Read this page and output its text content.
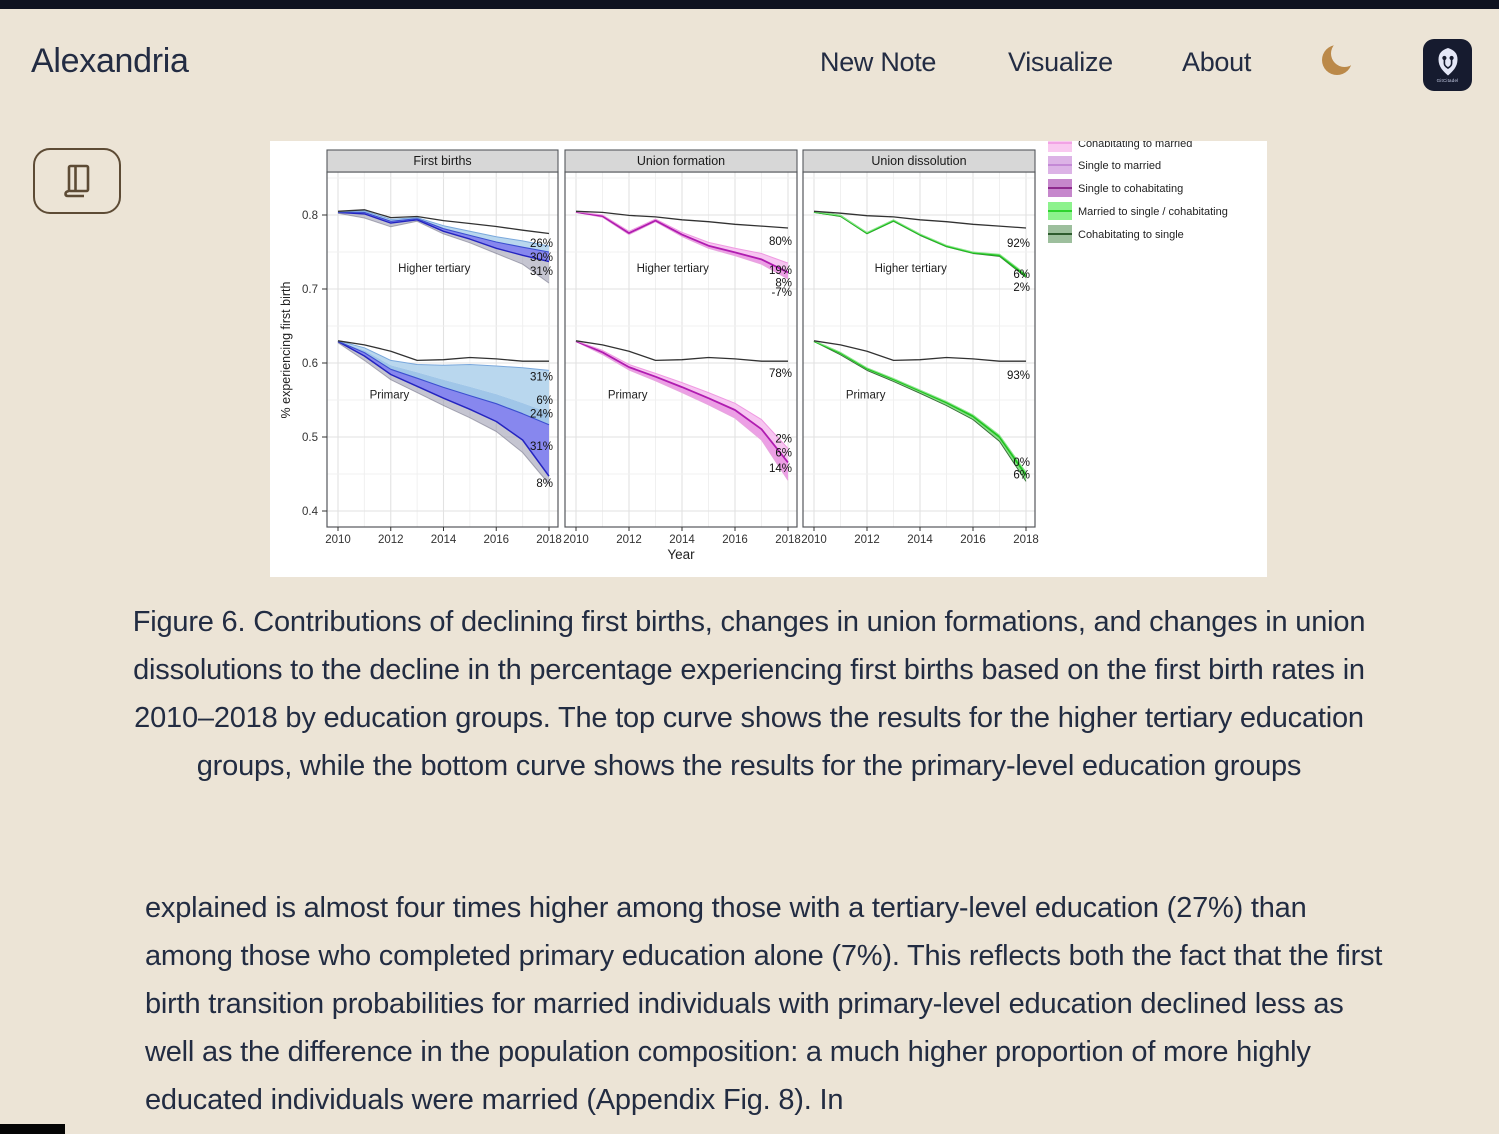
Alexandria	New Note	Visualize	About
GitCitadel
Higher tertiary
26%
30%
31%
Primary
31%
6%
24%
31%
8%
First births
2010 2012 2014 2016 2018
Higher tertiary
80%
19%
8%
-7%
Primary
78%
2%
6%
14%
Union formation
2010 2012 2014 2016 2018
Higher tertiary
92%
6%
2%
Primary
93%
0%
6%
Union dissolution
2010 2012 2014 2016 2018
0.4
0.5
0.6
0.7
0.8
% experiencing first birth
Year
Cohabitating to married
Single to married
Single to cohabitating
Married to single / cohabitating
Cohabitating to single
Figure 6. Contributions of declining first births, changes in union formations, and changes in union dissolutions to the decline in th percentage experiencing first births based on the first birth rates in 2010–2018 by education groups. The top curve shows the results for the higher tertiary education groups, while the bottom curve shows the results for the primary-level education groups
explained is almost four times higher among those with a tertiary-level education (27%) than among those who completed primary education alone (7%). This reflects both the fact that the first birth transition probabilities for married individuals with primary-level education declined less as well as the difference in the population composition: a much higher proportion of more highly educated individuals were married (Appendix Fig. 8). In
